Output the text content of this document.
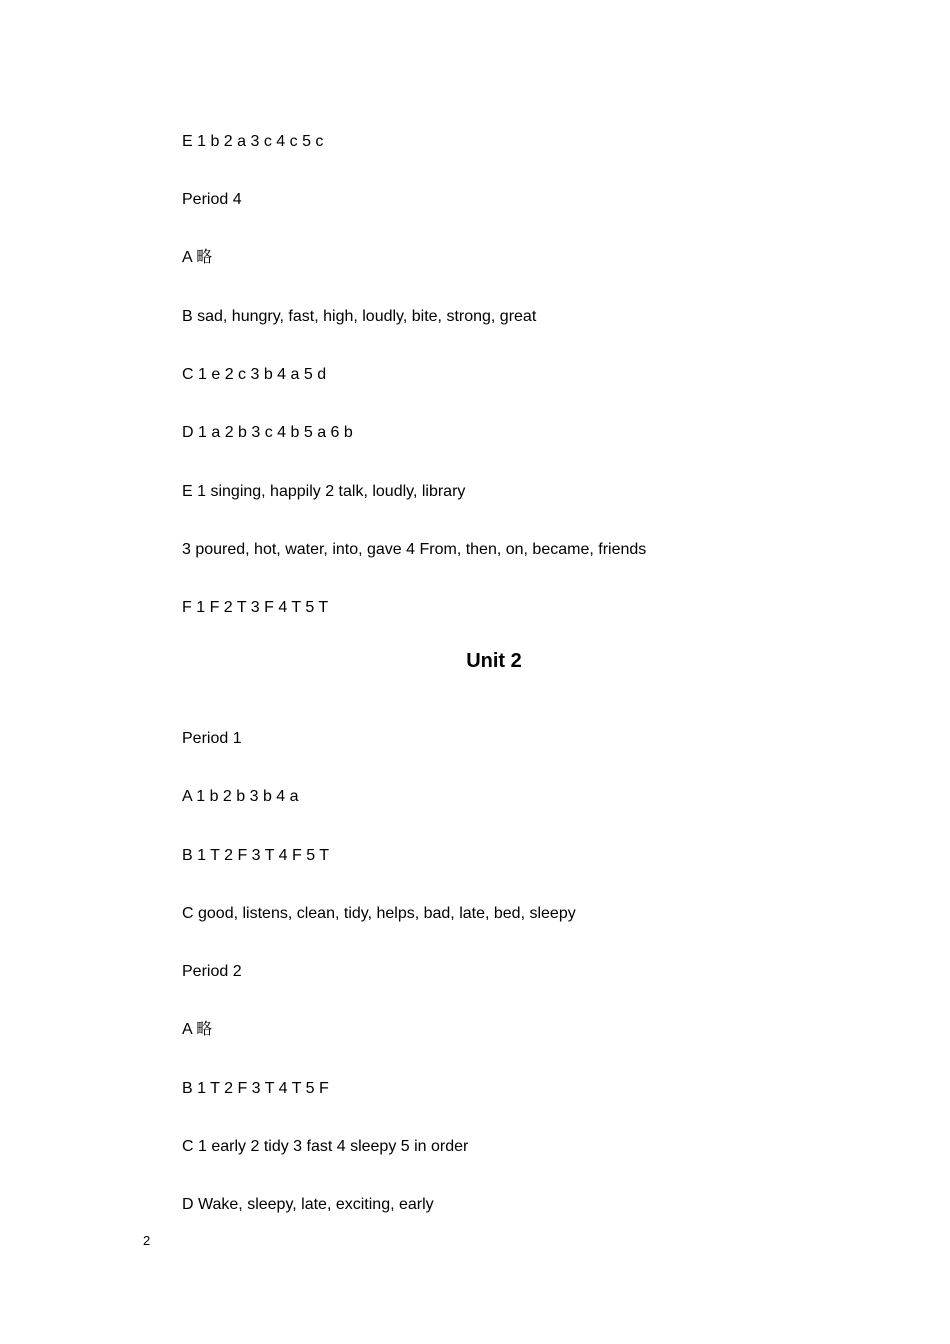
E 1 b 2 a 3 c 4 c 5 c
Period 4
A 略
B sad, hungry, fast, high, loudly, bite, strong, great
C 1 e 2 c 3 b 4 a 5 d
D 1 a 2 b 3 c 4 b 5 a 6 b
E 1 singing, happily 2 talk, loudly, library
3 poured, hot, water, into, gave 4 From, then, on, became, friends
F 1 F 2 T 3 F 4 T 5 T
Unit 2
Period 1
A 1 b 2 b 3 b 4 a
B 1 T 2 F 3 T 4 F 5 T
C good, listens, clean, tidy, helps, bad, late, bed, sleepy
Period 2
A 略
B 1 T 2 F 3 T 4 T 5 F
C 1 early 2 tidy 3 fast 4 sleepy 5 in order
D Wake, sleepy, late, exciting, early
2
